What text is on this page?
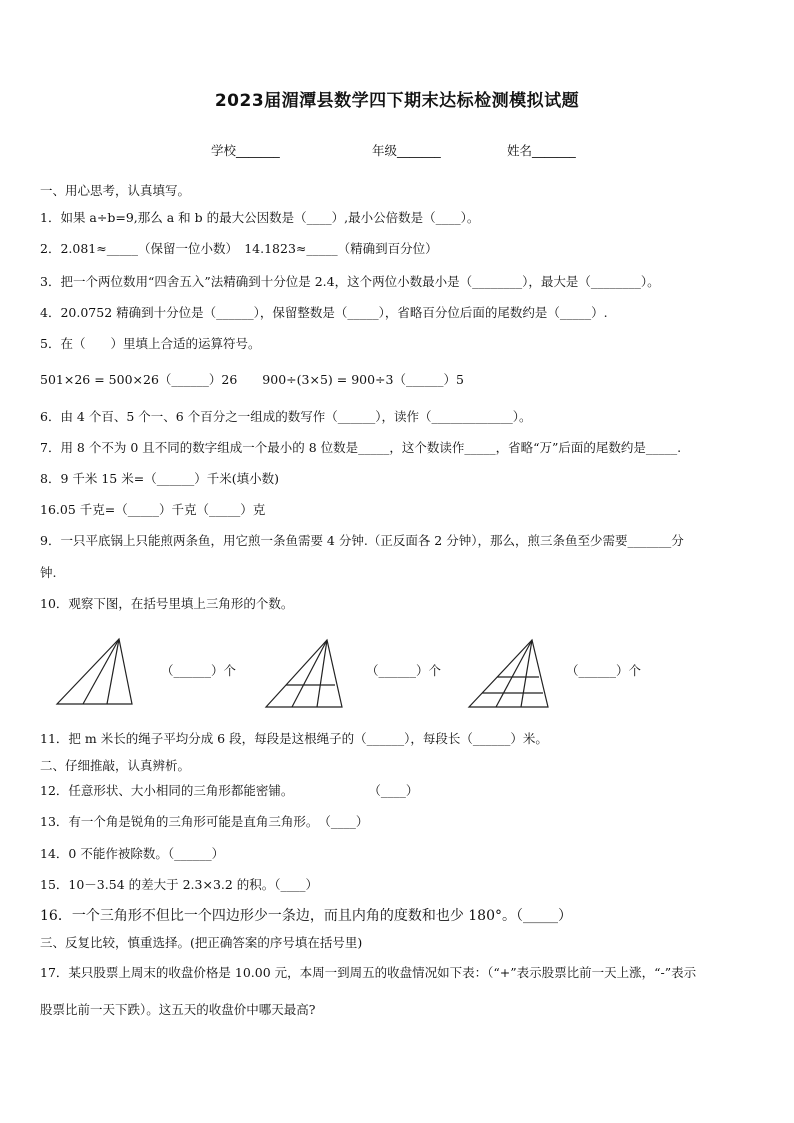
2023届湄潭县数学四下期末达标检测模拟试题
学校_______	年级_______	姓名_______
一、用心思考，认真填写。
1．如果 a÷b=9,那么 a 和 b 的最大公因数是（____）,最小公倍数是（____）。
2．2.081≈_____（保留一位小数）　14.1823≈_____（精确到百分位）
3．把一个两位数用“四舍五入”法精确到十分位是 2.4，这个两位小数最小是（________），最大是（________）。
4．20.0752 精确到十分位是（______），保留整数是（_____），省略百分位后面的尾数约是（_____）.
5．在（　　）里填上合适的运算符号。
501×26 = 500×26（______）26　　900÷(3×5) = 900÷3（______）5
6．由 4 个百、5 个一、6 个百分之一组成的数写作（______），读作（_____________）。
7．用 8 个不为 0 且不同的数字组成一个最小的 8 位数是_____，这个数读作_____，省略“万”后面的尾数约是_____.
8．9 千米 15 米=（______）千米(填小数)
16.05 千克=（_____）千克（_____）克
9．一只平底锅上只能煎两条鱼，用它煎一条鱼需要 4 分钟.（正反面各 2 分钟），那么，煎三条鱼至少需要_______分
钟.
10．观察下图，在括号里填上三角形的个数。
（______）个	（______）个	（______）个
11．把 m 米长的绳子平均分成 6 段，每段是这根绳子的（______），每段长（______）米。
二、仔细推敲，认真辨析。
12．任意形状、大小相同的三角形都能密铺。　　　　　　　（____）
13．有一个角是锐角的三角形可能是直角三角形。　（____）
14．0 不能作被除数。（______）
15．10－3.54 的差大于 2.3×3.2 的积。（____）
16．一个三角形不但比一个四边形少一条边，而且内角的度数和也少 180°。（_____）
三、反复比较，慎重选择。(把正确答案的序号填在括号里)
17．某只股票上周末的收盘价格是 10.00 元，本周一到周五的收盘情况如下表：（“+”表示股票比前一天上涨，“-”表示
股票比前一天下跌）。这五天的收盘价中哪天最高?
